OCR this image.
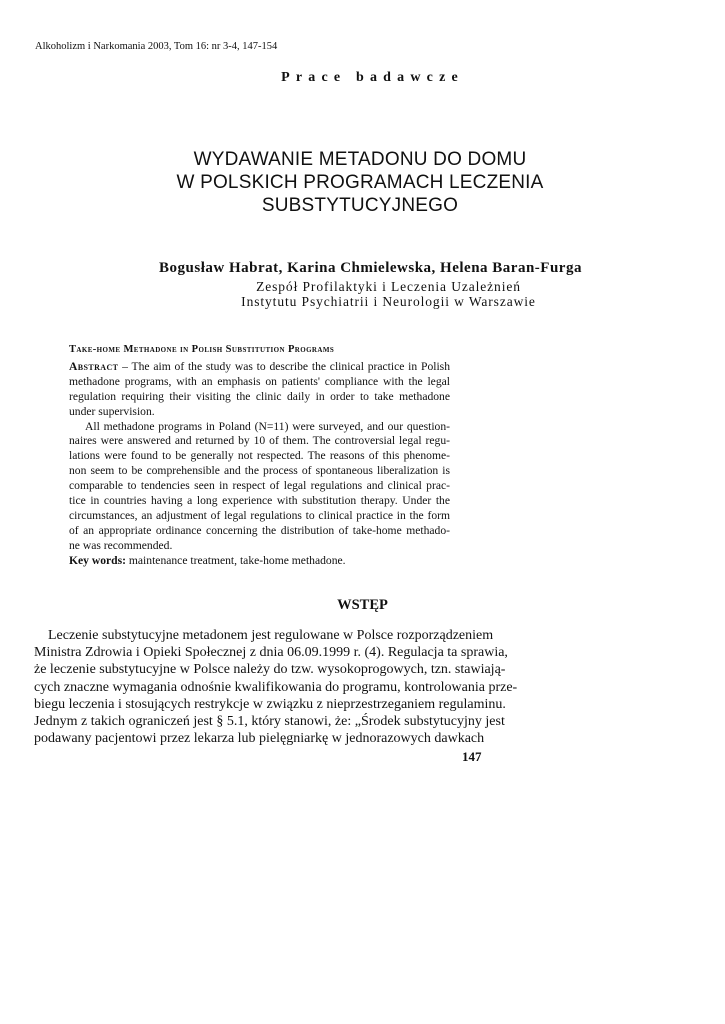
Alkoholizm i Narkomania 2003, Tom 16: nr 3-4, 147-154
Prace badawcze
WYDAWANIE METADONU DO DOMU
W POLSKICH PROGRAMACH LECZENIA
SUBSTYTUCYJNEGO
Bogusław Habrat, Karina Chmielewska, Helena Baran-Furga
Zespół Profilaktyki i Leczenia Uzależnień
Instytutu Psychiatrii i Neurologii w Warszawie
Take-home Methadone in Polish Substitution Programs
Abstract – The aim of the study was to describe the clinical practice in Polish
methadone programs, with an emphasis on patients' compliance with the legal
regulation requiring their visiting the clinic daily in order to take methadone
under supervision.
All methadone programs in Poland (N=11) were surveyed, and our question-
naires were answered and returned by 10 of them. The controversial legal regu-
lations were found to be generally not respected. The reasons of this phenome-
non seem to be comprehensible and the process of spontaneous liberalization is
comparable to tendencies seen in respect of legal regulations and clinical prac-
tice in countries having a long experience with substitution therapy. Under the
circumstances, an adjustment of legal regulations to clinical practice in the form
of an appropriate ordinance concerning the distribution of take-home methado-
ne was recommended.
Key words: maintenance treatment, take-home methadone.
WSTĘP
Leczenie substytucyjne metadonem jest regulowane w Polsce rozporządzeniem
Ministra Zdrowia i Opieki Społecznej z dnia 06.09.1999 r. (4). Regulacja ta sprawia,
że leczenie substytucyjne w Polsce należy do tzw. wysokoprogowych, tzn. stawiają-
cych znaczne wymagania odnośnie kwalifikowania do programu, kontrolowania prze-
biegu leczenia i stosujących restrykcje w związku z nieprzestrzeganiem regulaminu.
Jednym z takich ograniczeń jest § 5.1, który stanowi, że: „Środek substytucyjny jest
podawany pacjentowi przez lekarza lub pielęgniarkę w jednorazowych dawkach
147
